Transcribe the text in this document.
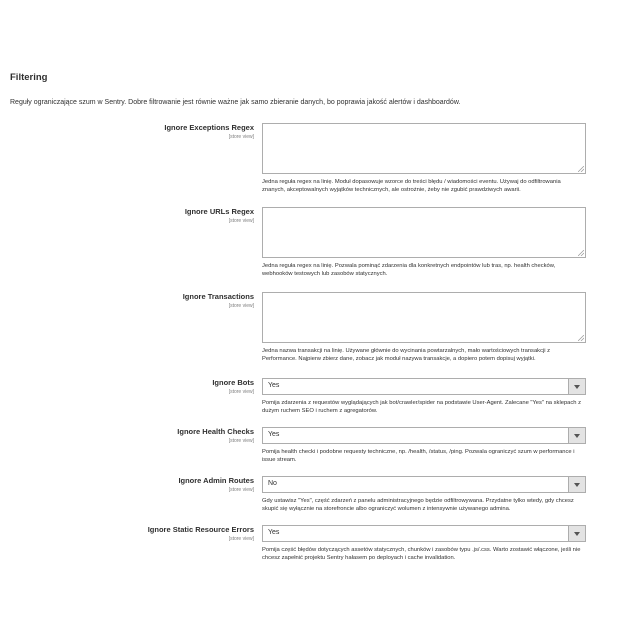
Filtering
Reguły ograniczające szum w Sentry. Dobre filtrowanie jest równie ważne jak samo zbieranie danych, bo poprawia jakość alertów i dashboardów.
Ignore Exceptions Regex
[store view]
Jedna reguła regex na linię. Moduł dopasowuje wzorce do treści błędu / wiadomości eventu. Używaj do odfiltrowania znanych, akceptowalnych wyjątków technicznych, ale ostrożnie, żeby nie zgubić prawdziwych awarii.
Ignore URLs Regex
[store view]
Jedna reguła regex na linię. Pozwala pominąć zdarzenia dla konkretnych endpointów lub tras, np. health checków, webhooków testowych lub zasobów statycznych.
Ignore Transactions
[store view]
Jedna nazwa transakcji na linię. Używane głównie do wycinania powtarzalnych, mało wartościowych transakcji z Performance. Najpierw zbierz dane, zobacz jak moduł nazywa transakcje, a dopiero potem dopisuj wyjątki.
Ignore Bots
[store view]
Yes
Pomija zdarzenia z requestów wyglądających jak bot/crawler/spider na podstawie User-Agent. Zalecane "Yes" na sklepach z dużym ruchem SEO i ruchem z agregatorów.
Ignore Health Checks
[store view]
Yes
Pomija health checki i podobne requesty techniczne, np. /health, /status, /ping. Pozwala ograniczyć szum w performance i issue stream.
Ignore Admin Routes
[store view]
No
Gdy ustawisz "Yes", część zdarzeń z panelu administracyjnego będzie odfiltrowywana. Przydatne tylko wtedy, gdy chcesz skupić się wyłącznie na storefroncie albo ograniczyć wolumen z intensywnie używanego admina.
Ignore Static Resource Errors
[store view]
Yes
Pomija część błędów dotyczących assetów statycznych, chunków i zasobów typu .js/.css. Warto zostawić włączone, jeśli nie chcesz zapełnić projektu Sentry hałasem po deployach i cache invalidation.
